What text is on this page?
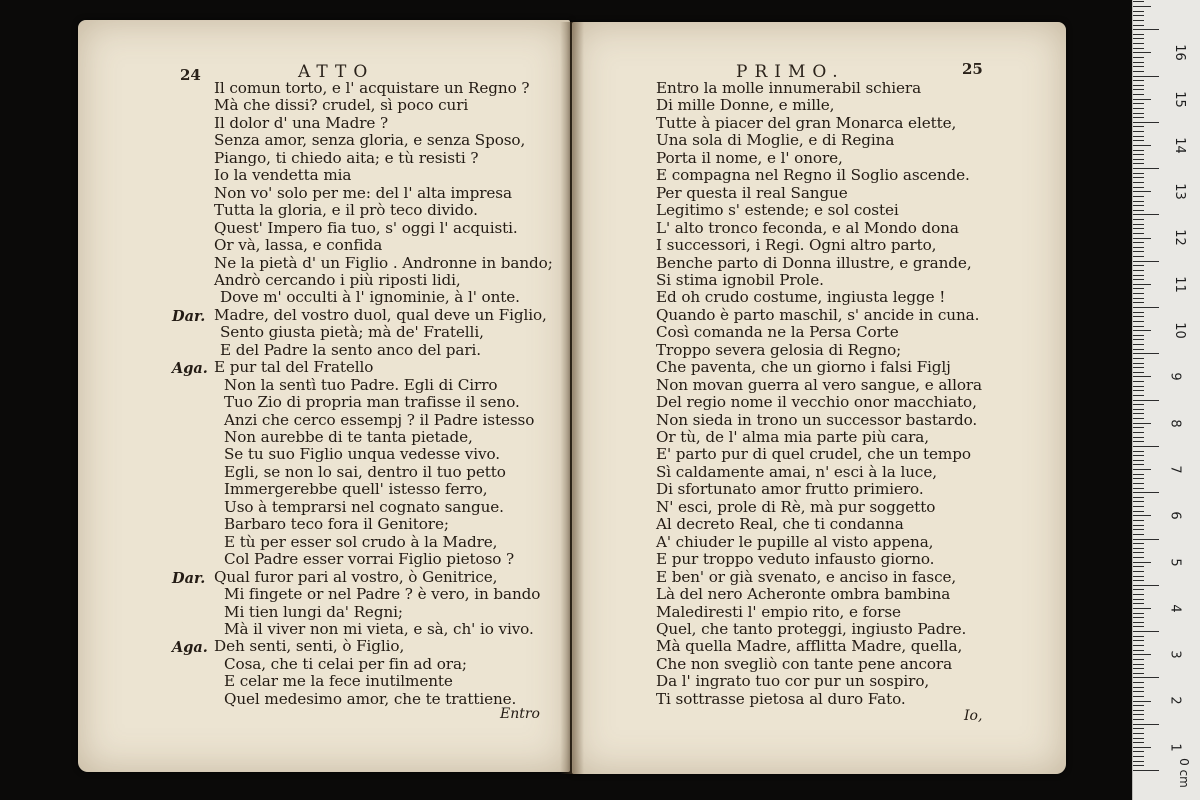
24	ATTO
Il comun torto, e l' acquistare un Regno ?
Mà che dissi? crudel, sì poco curi
Il dolor d' una Madre ?
Senza amor, senza gloria, e senza Sposo,
Piango, ti chiedo aita; e tù resisti ?
Io la vendetta mia
Non vo' solo per me: del l' alta impresa
Tutta la gloria, e il prò teco divido.
Quest' Impero fia tuo, s' oggi l' acquisti.
Or và, lassa, e confida
Ne la pietà d' un Figlio . Andronne in bando;
Andrò cercando i più riposti lidi,
Dove m' occulti à l' ignominie, à l' onte.
Madre, del vostro duol, qual deve un Figlio,
Dar.
Sento giusta pietà; mà de' Fratelli,
E del Padre la sento anco del pari.
E pur tal del Fratello
Aga.
Non la sentì tuo Padre. Egli di Cirro
Tuo Zio di propria man trafisse il seno.
Anzi che cerco essempj ? il Padre istesso
Non aurebbe di te tanta pietade,
Se tu suo Figlio unqua vedesse vivo.
Egli, se non lo sai, dentro il tuo petto
Immergerebbe quell' istesso ferro,
Uso à temprarsi nel cognato sangue.
Barbaro teco fora il Genitore;
E tù per esser sol crudo à la Madre,
Col Padre esser vorrai Figlio pietoso ?
Qual furor pari al vostro, ò Genitrice,
Dar.
Mi fingete or nel Padre ? è vero, in bando
Mi tien lungi da' Regni;
Mà il viver non mi vieta, e sà, ch' io vivo.
Deh senti, senti, ò Figlio,
Aga.
Cosa, che ti celai per fin ad ora;
E celar me la fece inutilmente
Quel medesimo amor, che te trattiene.
Entro
PRIMO.	25
Entro la molle innumerabil schiera
Di mille Donne, e mille,
Tutte à piacer del gran Monarca elette,
Una sola di Moglie, e di Regina
Porta il nome, e l' onore,
E compagna nel Regno il Soglio ascende.
Per questa il real Sangue
Legitimo s' estende; e sol costei
L' alto tronco feconda, e al Mondo dona
I successori, i Regi. Ogni altro parto,
Benche parto di Donna illustre, e grande,
Si stima ignobil Prole.
Ed oh crudo costume, ingiusta legge !
Quando è parto maschil, s' ancide in cuna.
Così comanda ne la Persa Corte
Troppo severa gelosia di Regno;
Che paventa, che un giorno i falsi Figlj
Non movan guerra al vero sangue, e allora
Del regio nome il vecchio onor macchiato,
Non sieda in trono un successor bastardo.
Or tù, de l' alma mia parte più cara,
E' parto pur di quel crudel, che un tempo
Sì caldamente amai, n' esci à la luce,
Di sfortunato amor frutto primiero.
N' esci, prole di Rè, mà pur soggetto
Al decreto Real, che ti condanna
A' chiuder le pupille al visto appena,
E pur troppo veduto infausto giorno.
E ben' or già svenato, e anciso in fasce,
Là del nero Acheronte ombra bambina
Malediresti l' empio rito, e forse
Quel, che tanto proteggi, ingiusto Padre.
Mà quella Madre, afflitta Madre, quella,
Che non svegliò con tante pene ancora
Da l' ingrato tuo cor pur un sospiro,
Ti sottrasse pietosa al duro Fato.
Io,
16
15
14
13
12
11
10
9
8
7
6
5
4
3
2
1
0 cm
